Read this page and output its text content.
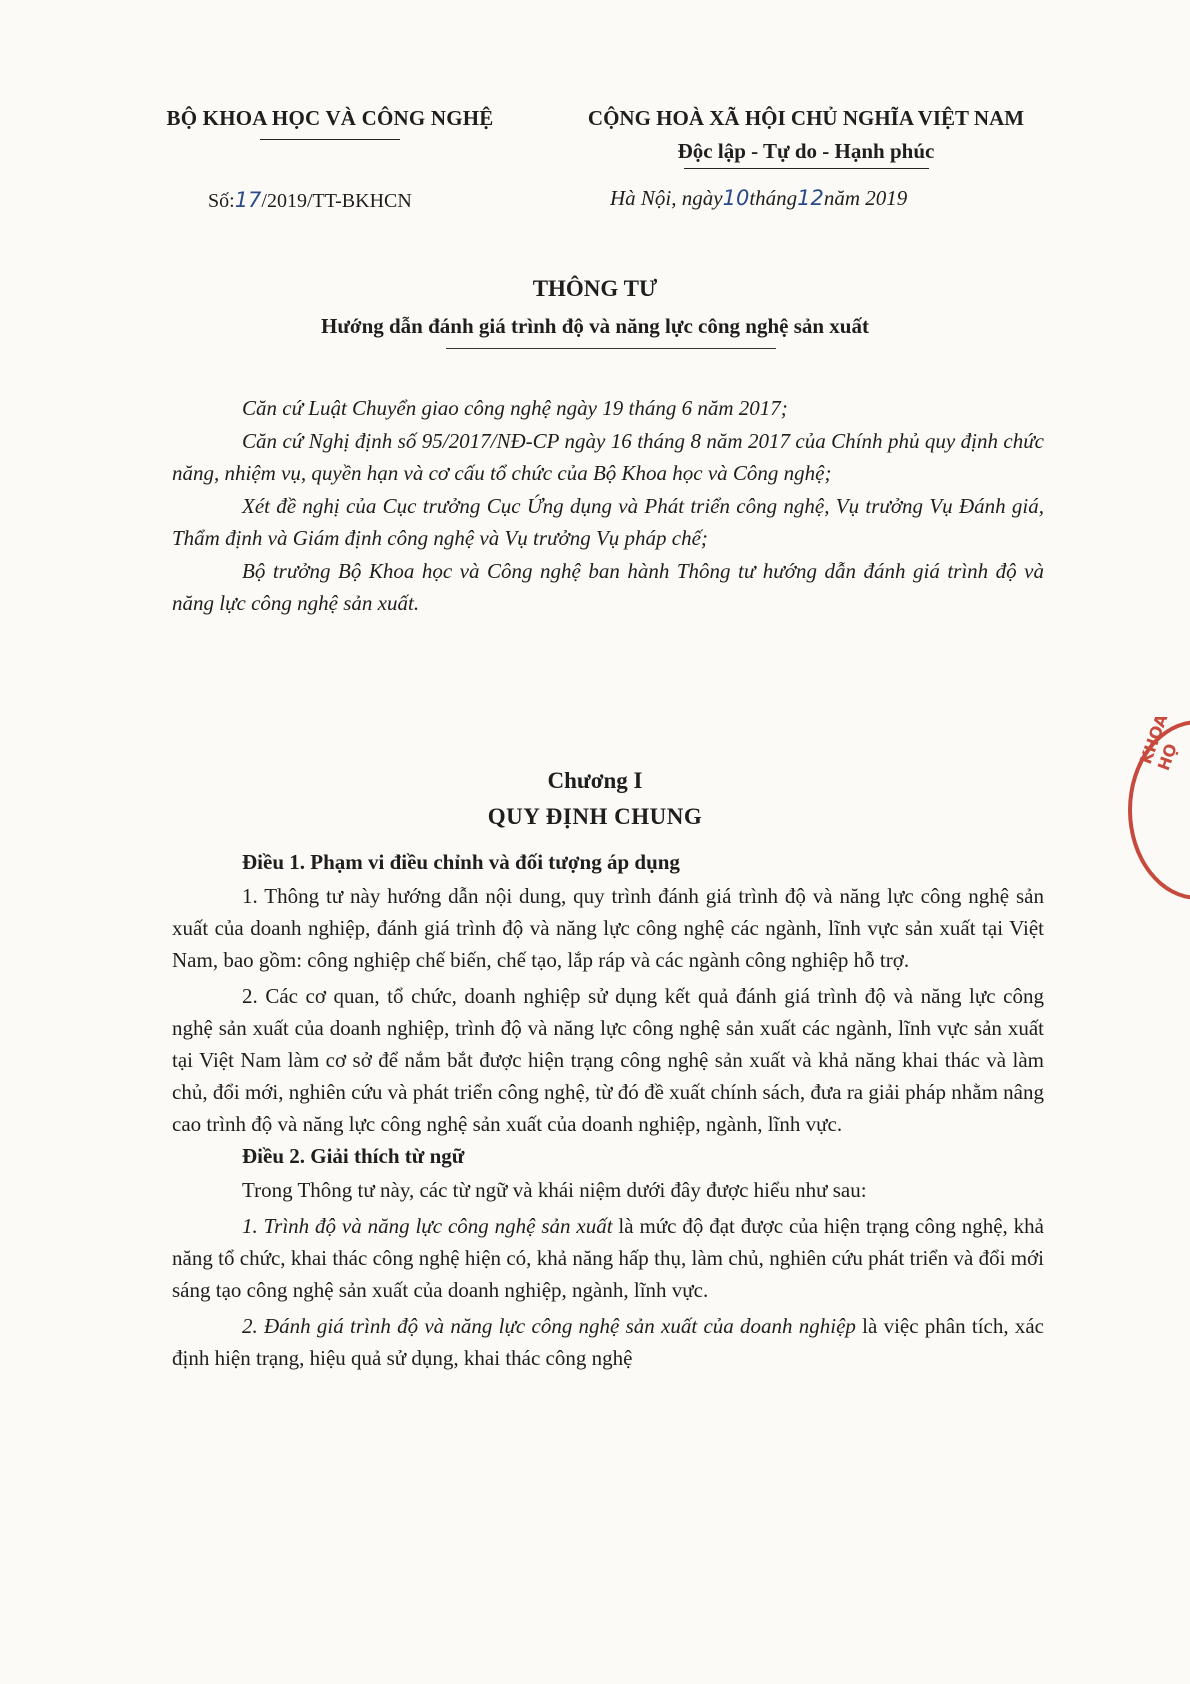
BỘ KHOA HỌC VÀ CÔNG NGHỆ	CỘNG HOÀ XÃ HỘI CHỦ NGHĨA VIỆT NAM
Độc lập - Tự do - Hạnh phúc
Số:17/2019/TT-BKHCN	Hà Nội, ngày10tháng12năm 2019
THÔNG TƯ
Hướng dẫn đánh giá trình độ và năng lực công nghệ sản xuất

Căn cứ Luật Chuyển giao công nghệ ngày 19 tháng 6 năm 2017;

Căn cứ Nghị định số 95/2017/NĐ-CP ngày 16 tháng 8 năm 2017 của Chính phủ quy định chức năng, nhiệm vụ, quyền hạn và cơ cấu tổ chức của Bộ Khoa học và Công nghệ;

Xét đề nghị của Cục trưởng Cục Ứng dụng và Phát triển công nghệ, Vụ trưởng Vụ Đánh giá, Thẩm định và Giám định công nghệ và Vụ trưởng Vụ pháp chế;

Bộ trưởng Bộ Khoa học và Công nghệ ban hành Thông tư hướng dẫn đánh giá trình độ và năng lực công nghệ sản xuất.

Chương I
QUY ĐỊNH CHUNG

Điều 1. Phạm vi điều chỉnh và đối tượng áp dụng

1. Thông tư này hướng dẫn nội dung, quy trình đánh giá trình độ và năng lực công nghệ sản xuất của doanh nghiệp, đánh giá trình độ và năng lực công nghệ các ngành, lĩnh vực sản xuất tại Việt Nam, bao gồm: công nghiệp chế biến, chế tạo, lắp ráp và các ngành công nghiệp hỗ trợ.

2. Các cơ quan, tổ chức, doanh nghiệp sử dụng kết quả đánh giá trình độ và năng lực công nghệ sản xuất của doanh nghiệp, trình độ và năng lực công nghệ sản xuất các ngành, lĩnh vực sản xuất tại Việt Nam làm cơ sở để nắm bắt được hiện trạng công nghệ sản xuất và khả năng khai thác và làm chủ, đổi mới, nghiên cứu và phát triển công nghệ, từ đó đề xuất chính sách, đưa ra giải pháp nhằm nâng cao trình độ và năng lực công nghệ sản xuất của doanh nghiệp, ngành, lĩnh vực.

Điều 2. Giải thích từ ngữ

Trong Thông tư này, các từ ngữ và khái niệm dưới đây được hiểu như sau:

1. Trình độ và năng lực công nghệ sản xuất là mức độ đạt được của hiện trạng công nghệ, khả năng tổ chức, khai thác công nghệ hiện có, khả năng hấp thụ, làm chủ, nghiên cứu phát triển và đổi mới sáng tạo công nghệ sản xuất của doanh nghiệp, ngành, lĩnh vực.

2. Đánh giá trình độ và năng lực công nghệ sản xuất của doanh nghiệp là việc phân tích, xác định hiện trạng, hiệu quả sử dụng, khai thác công nghệ

KHOA HỌ
